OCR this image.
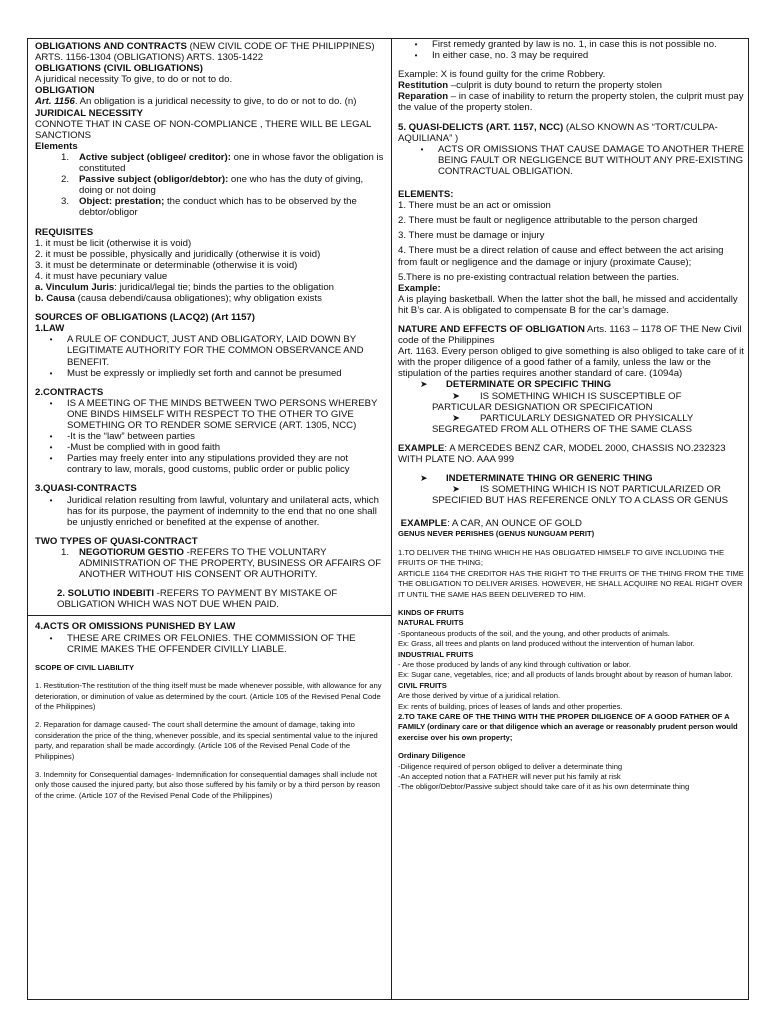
OBLIGATIONS AND CONTRACTS (NEW CIVIL CODE OF THE PHILIPPINES) ARTS. 1156-1304 (OBLIGATIONS) ARTS. 1305-1422
OBLIGATIONS (CIVIL OBLIGATIONS)
A juridical necessity To give, to do or not to do.
OBLIGATION
Art. 1156. An obligation is a juridical necessity to give, to do or not to do. (n)
JURIDICAL NECESSITY
CONNOTE THAT IN CASE OF NON-COMPLIANCE , THERE WILL BE LEGAL SANCTIONS
Elements
1.	Active subject (obligee/ creditor): one in whose favor the obligation is constituted
2.	Passive subject (obligor/debtor): one who has the duty of giving, doing or not doing
3.	Object: prestation; the conduct which has to be observed by the debtor/obligor
REQUISITES
1. it must be licit (otherwise it is void)
2. it must be possible, physically and juridically (otherwise it is void)
3. it must be determinate or determinable (otherwise it is void)
4. it must have pecuniary value
a. Vinculum Juris: juridical/legal tie; binds the parties to the obligation
b. Causa (causa debendi/causa obligationes); why obligation exists
SOURCES OF OBLIGATIONS (LACQ2) (Art 1157)
1.LAW
•	A RULE OF CONDUCT, JUST AND OBLIGATORY, LAID DOWN BY LEGITIMATE AUTHORITY FOR THE COMMON OBSERVANCE AND BENEFIT.
•	Must be expressly or impliedly set forth and cannot be presumed
2.CONTRACTS
•	IS A MEETING OF THE MINDS BETWEEN TWO PERSONS WHEREBY ONE BINDS HIMSELF WITH RESPECT TO THE OTHER TO GIVE SOMETHING OR TO RENDER SOME SERVICE (ART. 1305, NCC)
•	-It is the “law” between parties
•	-Must be complied with in good faith
•	Parties may freely enter into any stipulations provided they are not contrary to law, morals, good customs, public order or public policy
3.QUASI-CONTRACTS
•	Juridical relation resulting from lawful, voluntary and unilateral acts, which has for its purpose, the payment of indemnity to the end that no one shall be unjustly enriched or benefited at the expense of another.
TWO TYPES OF QUASI-CONTRACT
1.	NEGOTIORUM GESTIO -REFERS TO THE VOLUNTARY ADMINISTRATION OF THE PROPERTY, BUSINESS OR AFFAIRS OF ANOTHER WITHOUT HIS CONSENT OR AUTHORITY.
2. SOLUTIO INDEBITI -REFERS TO PAYMENT BY MISTAKE OF OBLIGATION WHICH WAS NOT DUE WHEN PAID.
4.ACTS OR OMISSIONS PUNISHED BY LAW
•	THESE ARE CRIMES OR FELONIES. THE COMMISSION OF THE CRIME MAKES THE OFFENDER CIVILLY LIABLE.
SCOPE OF CIVIL LIABILITY
1. Restitution-The restitution of the thing itself must be made whenever possible, with allowance for any deterioration, or diminution of value as determined by the court. (Article 105 of the Revised Penal Code of the Philippines)
2. Reparation for damage caused- The court shall determine the amount of damage, taking into consideration the price of the thing, whenever possible, and its special sentimental value to the injured party, and reparation shall be made accordingly. (Article 106 of the Revised Penal Code of the Philippines)
3. Indemnity for Consequential damages- Indemnification for consequential damages shall include not only those caused the injured party, but also those suffered by his family or by a third person by reason of the crime. (Article 107 of the Revised Penal Code of the Philippines)
•	First remedy granted by law is no. 1, in case this is not possible no.
•	In either case, no. 3 may be required
Example: X is found guilty for the crime Robbery.
Restitution –culprit is duty bound to return the property stolen
Reparation – in case of inability to return the property stolen, the culprit must pay the value of the property stolen.
5. QUASI-DELICTS (ART. 1157, NCC) (ALSO KNOWN AS “TORT/CULPA-AQUILIANA” )
•	ACTS OR OMISSIONS THAT CAUSE DAMAGE TO ANOTHER THERE BEING FAULT OR NEGLIGENCE BUT WITHOUT ANY PRE-EXISTING CONTRACTUAL OBLIGATION.
ELEMENTS:
1. There must be an act or omission
2. There must be fault or negligence attributable to the person charged
3. There must be damage or injury
4. There must be a direct relation of cause and effect between the act arising from fault or negligence and the damage or injury (proximate Cause);
5.There is no pre-existing contractual relation between the parties.
Example:
A is playing basketball. When the latter shot the ball, he missed and accidentally hit B’s car. A is obligated to compensate B for the car’s damage.
NATURE AND EFFECTS OF OBLIGATION Arts. 1163 – 1178 OF THE New Civil code of the Philippines
Art. 1163. Every person obliged to give something is also obliged to take care of it with the proper diligence of a good father of a family, unless the law or the stipulation of the parties requires another standard of care. (1094a)
➤	DETERMINATE OR SPECIFIC THING
➤ IS SOMETHING WHICH IS SUSCEPTIBLE OF PARTICULAR DESIGNATION OR SPECIFICATION
➤ PARTICULARLY DESIGNATED OR PHYSICALLY SEGREGATED FROM ALL OTHERS OF THE SAME CLASS
EXAMPLE: A MERCEDES BENZ CAR, MODEL 2000, CHASSIS NO.232323 WITH PLATE NO. AAA 999
➤	INDETERMINATE THING OR GENERIC THING
➤ IS SOMETHING WHICH IS NOT PARTICULARIZED OR SPECIFIED BUT HAS REFERENCE ONLY TO A CLASS OR GENUS
EXAMPLE: A CAR, AN OUNCE OF GOLD
GENUS NEVER PERISHES (GENUS NUNGUAM PERIT)
1.TO DELIVER THE THING WHICH HE HAS OBLIGATED HIMSELF TO GIVE INCLUDING THE FRUITS OF THE THING;
ARTICLE 1164 THE CREDITOR HAS THE RIGHT TO THE FRUITS OF THE THING FROM THE TIME THE OBLIGATION TO DELIVER ARISES. HOWEVER, HE SHALL ACQUIRE NO REAL RIGHT OVER IT UNTIL THE SAME HAS BEEN DELIVERED TO HIM.
KINDS OF FRUITS
NATURAL FRUITS
-Spontaneous products of the soil, and the young, and other products of animals.
Ex: Grass, all trees and plants on land produced without the intervention of human labor.
INDUSTRIAL FRUITS
- Are those produced by lands of any kind through cultivation or labor.
Ex: Sugar cane, vegetables, rice; and all products of lands brought about by reason of human labor.
CIVIL FRUITS
Are those derived by virtue of a juridical relation.
Ex: rents of building, prices of leases of lands and other properties.
2.TO TAKE CARE OF THE THING WITH THE PROPER DILIGENCE OF A GOOD FATHER OF A FAMILY (ordinary care or that diligence which an average or reasonably prudent person would exercise over his own property;
Ordinary Diligence
-Diligence required of person obliged to deliver a determinate thing
-An accepted notion that a FATHER will never put his family at risk
-The obligor/Debtor/Passive subject should take care of it as his own determinate thing
